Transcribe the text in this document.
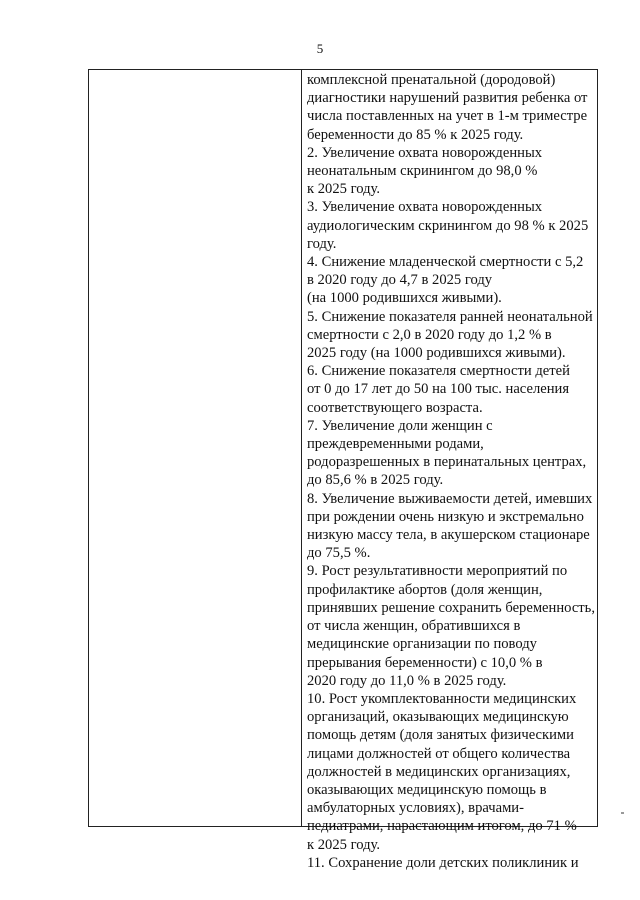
5
комплексной пренатальной (дородовой)
диагностики нарушений развития ребенка от
числа поставленных на учет в 1-м триместре
беременности до 85 % к 2025 году.
2. Увеличение охвата новорожденных
неонатальным скринингом до 98,0 %
к 2025 году.
3. Увеличение охвата новорожденных
аудиологическим скринингом до 98 % к 2025
году.
4. Снижение младенческой смертности с 5,2
в 2020 году до 4,7 в 2025 году
(на 1000 родившихся живыми).
5. Снижение показателя ранней неонатальной
смертности с 2,0 в 2020 году до 1,2 % в
2025 году (на 1000 родившихся живыми).
6. Снижение показателя смертности детей
от 0 до 17 лет до 50 на 100 тыс. населения
соответствующего возраста.
7. Увеличение доли женщин с
преждевременными родами,
родоразрешенных в перинатальных центрах,
до 85,6 % в 2025 году.
8. Увеличение выживаемости детей, имевших
при рождении очень низкую и экстремально
низкую массу тела, в акушерском стационаре
до 75,5 %.
9. Рост результативности мероприятий по
профилактике абортов (доля женщин,
принявших решение сохранить беременность,
от числа женщин, обратившихся в
медицинские организации по поводу
прерывания беременности) с 10,0 % в
2020 году до 11,0 % в 2025 году.
10. Рост укомплектованности медицинских
организаций, оказывающих медицинскую
помощь детям (доля занятых физическими
лицами должностей от общего количества
должностей в медицинских организациях,
оказывающих медицинскую помощь в
амбулаторных условиях), врачами-
педиатрами, нарастающим итогом, до 71 %
к 2025 году.
11. Сохранение доли детских поликлиник и
